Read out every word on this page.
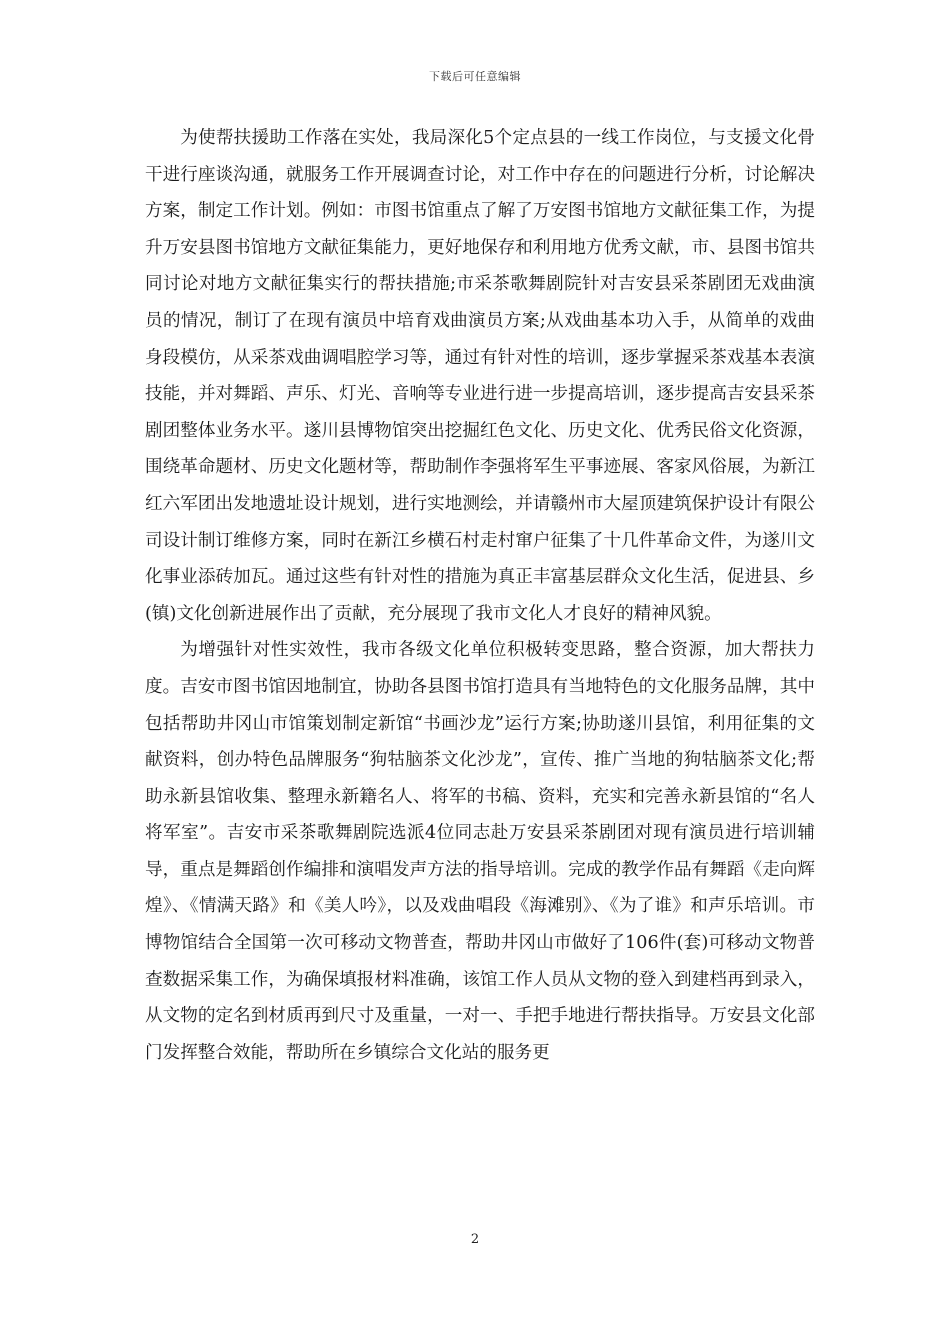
下载后可任意编辑

为使帮扶援助工作落在实处，我局深化5个定点县的一线工作岗位，与支援文化骨干进行座谈沟通，就服务工作开展调查讨论，对工作中存在的问题进行分析，讨论解决方案，制定工作计划。例如：市图书馆重点了解了万安图书馆地方文献征集工作，为提升万安县图书馆地方文献征集能力，更好地保存和利用地方优秀文献，市、县图书馆共同讨论对地方文献征集实行的帮扶措施;市采茶歌舞剧院针对吉安县采茶剧团无戏曲演员的情况，制订了在现有演员中培育戏曲演员方案;从戏曲基本功入手，从简单的戏曲身段模仿，从采茶戏曲调唱腔学习等，通过有针对性的培训，逐步掌握采茶戏基本表演技能，并对舞蹈、声乐、灯光、音响等专业进行进一步提高培训，逐步提高吉安县采茶剧团整体业务水平。遂川县博物馆突出挖掘红色文化、历史文化、优秀民俗文化资源，围绕革命题材、历史文化题材等，帮助制作李强将军生平事迹展、客家风俗展，为新江红六军团出发地遗址设计规划，进行实地测绘，并请赣州市大屋顶建筑保护设计有限公司设计制订维修方案，同时在新江乡横石村走村窜户征集了十几件革命文件，为遂川文化事业添砖加瓦。通过这些有针对性的措施为真正丰富基层群众文化生活，促进县、乡(镇)文化创新进展作出了贡献，充分展现了我市文化人才良好的精神风貌。

为增强针对性实效性，我市各级文化单位积极转变思路，整合资源，加大帮扶力度。吉安市图书馆因地制宜，协助各县图书馆打造具有当地特色的文化服务品牌，其中包括帮助井冈山市馆策划制定新馆“书画沙龙”运行方案;协助遂川县馆，利用征集的文献资料，创办特色品牌服务“狗牯脑茶文化沙龙”，宣传、推广当地的狗牯脑茶文化;帮助永新县馆收集、整理永新籍名人、将军的书稿、资料，充实和完善永新县馆的“名人将军室”。吉安市采茶歌舞剧院选派4位同志赴万安县采茶剧团对现有演员进行培训辅导，重点是舞蹈创作编排和演唱发声方法的指导培训。完成的教学作品有舞蹈《走向辉煌》、《情满天路》和《美人吟》，以及戏曲唱段《海滩别》、《为了谁》和声乐培训。市博物馆结合全国第一次可移动文物普查，帮助井冈山市做好了106件(套)可移动文物普查数据采集工作，为确保填报材料准确，该馆工作人员从文物的登入到建档再到录入，从文物的定名到材质再到尺寸及重量，一对一、手把手地进行帮扶指导。万安县文化部门发挥整合效能，帮助所在乡镇综合文化站的服务更

2
